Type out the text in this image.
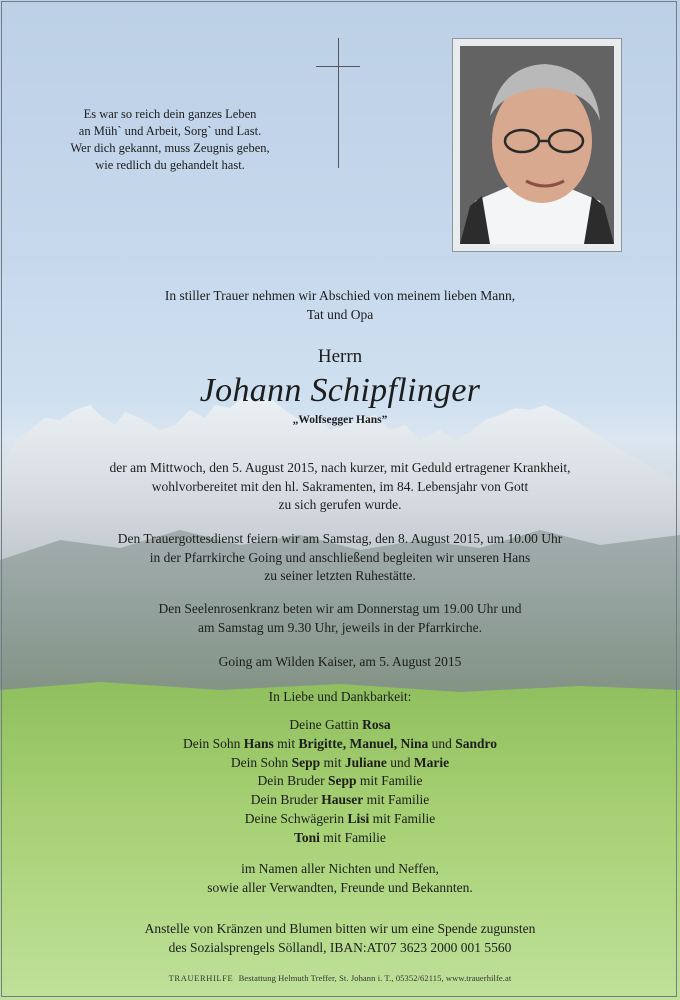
Es war so reich dein ganzes Leben
an Müh` und Arbeit, Sorg` und Last.
Wer dich gekannt, muss Zeugnis geben,
wie redlich du gehandelt hast.
In stiller Trauer nehmen wir Abschied von meinem lieben Mann,
Tat und Opa
Herrn
Johann Schipflinger
„Wolfsegger Hans”
der am Mittwoch, den 5. August 2015, nach kurzer, mit Geduld ertragener Krankheit,
wohlvorbereitet mit den hl. Sakramenten, im 84. Lebensjahr von Gott
zu sich gerufen wurde.
Den Trauergottesdienst feiern wir am Samstag, den 8. August 2015, um 10.00 Uhr
in der Pfarrkirche Going und anschließend begleiten wir unseren Hans
zu seiner letzten Ruhestätte.
Den Seelenrosenkranz beten wir am Donnerstag um 19.00 Uhr und
am Samstag um 9.30 Uhr, jeweils in der Pfarrkirche.
Going am Wilden Kaiser, am 5. August 2015
In Liebe und Dankbarkeit:
Deine Gattin Rosa
Dein Sohn Hans mit Brigitte, Manuel, Nina und Sandro
Dein Sohn Sepp mit Juliane und Marie
Dein Bruder Sepp mit Familie
Dein Bruder Hauser mit Familie
Deine Schwägerin Lisi mit Familie
Toni mit Familie
im Namen aller Nichten und Neffen,
sowie aller Verwandten, Freunde und Bekannten.
Anstelle von Kränzen und Blumen bitten wir um eine Spende zugunsten
des Sozialsprengels Söllandl, IBAN:AT07 3623 2000 001 5560
TRAUERHILFE Bestattung Helmuth Treffer, St. Johann i. T., 05352/62115, www.trauerhilfe.at
